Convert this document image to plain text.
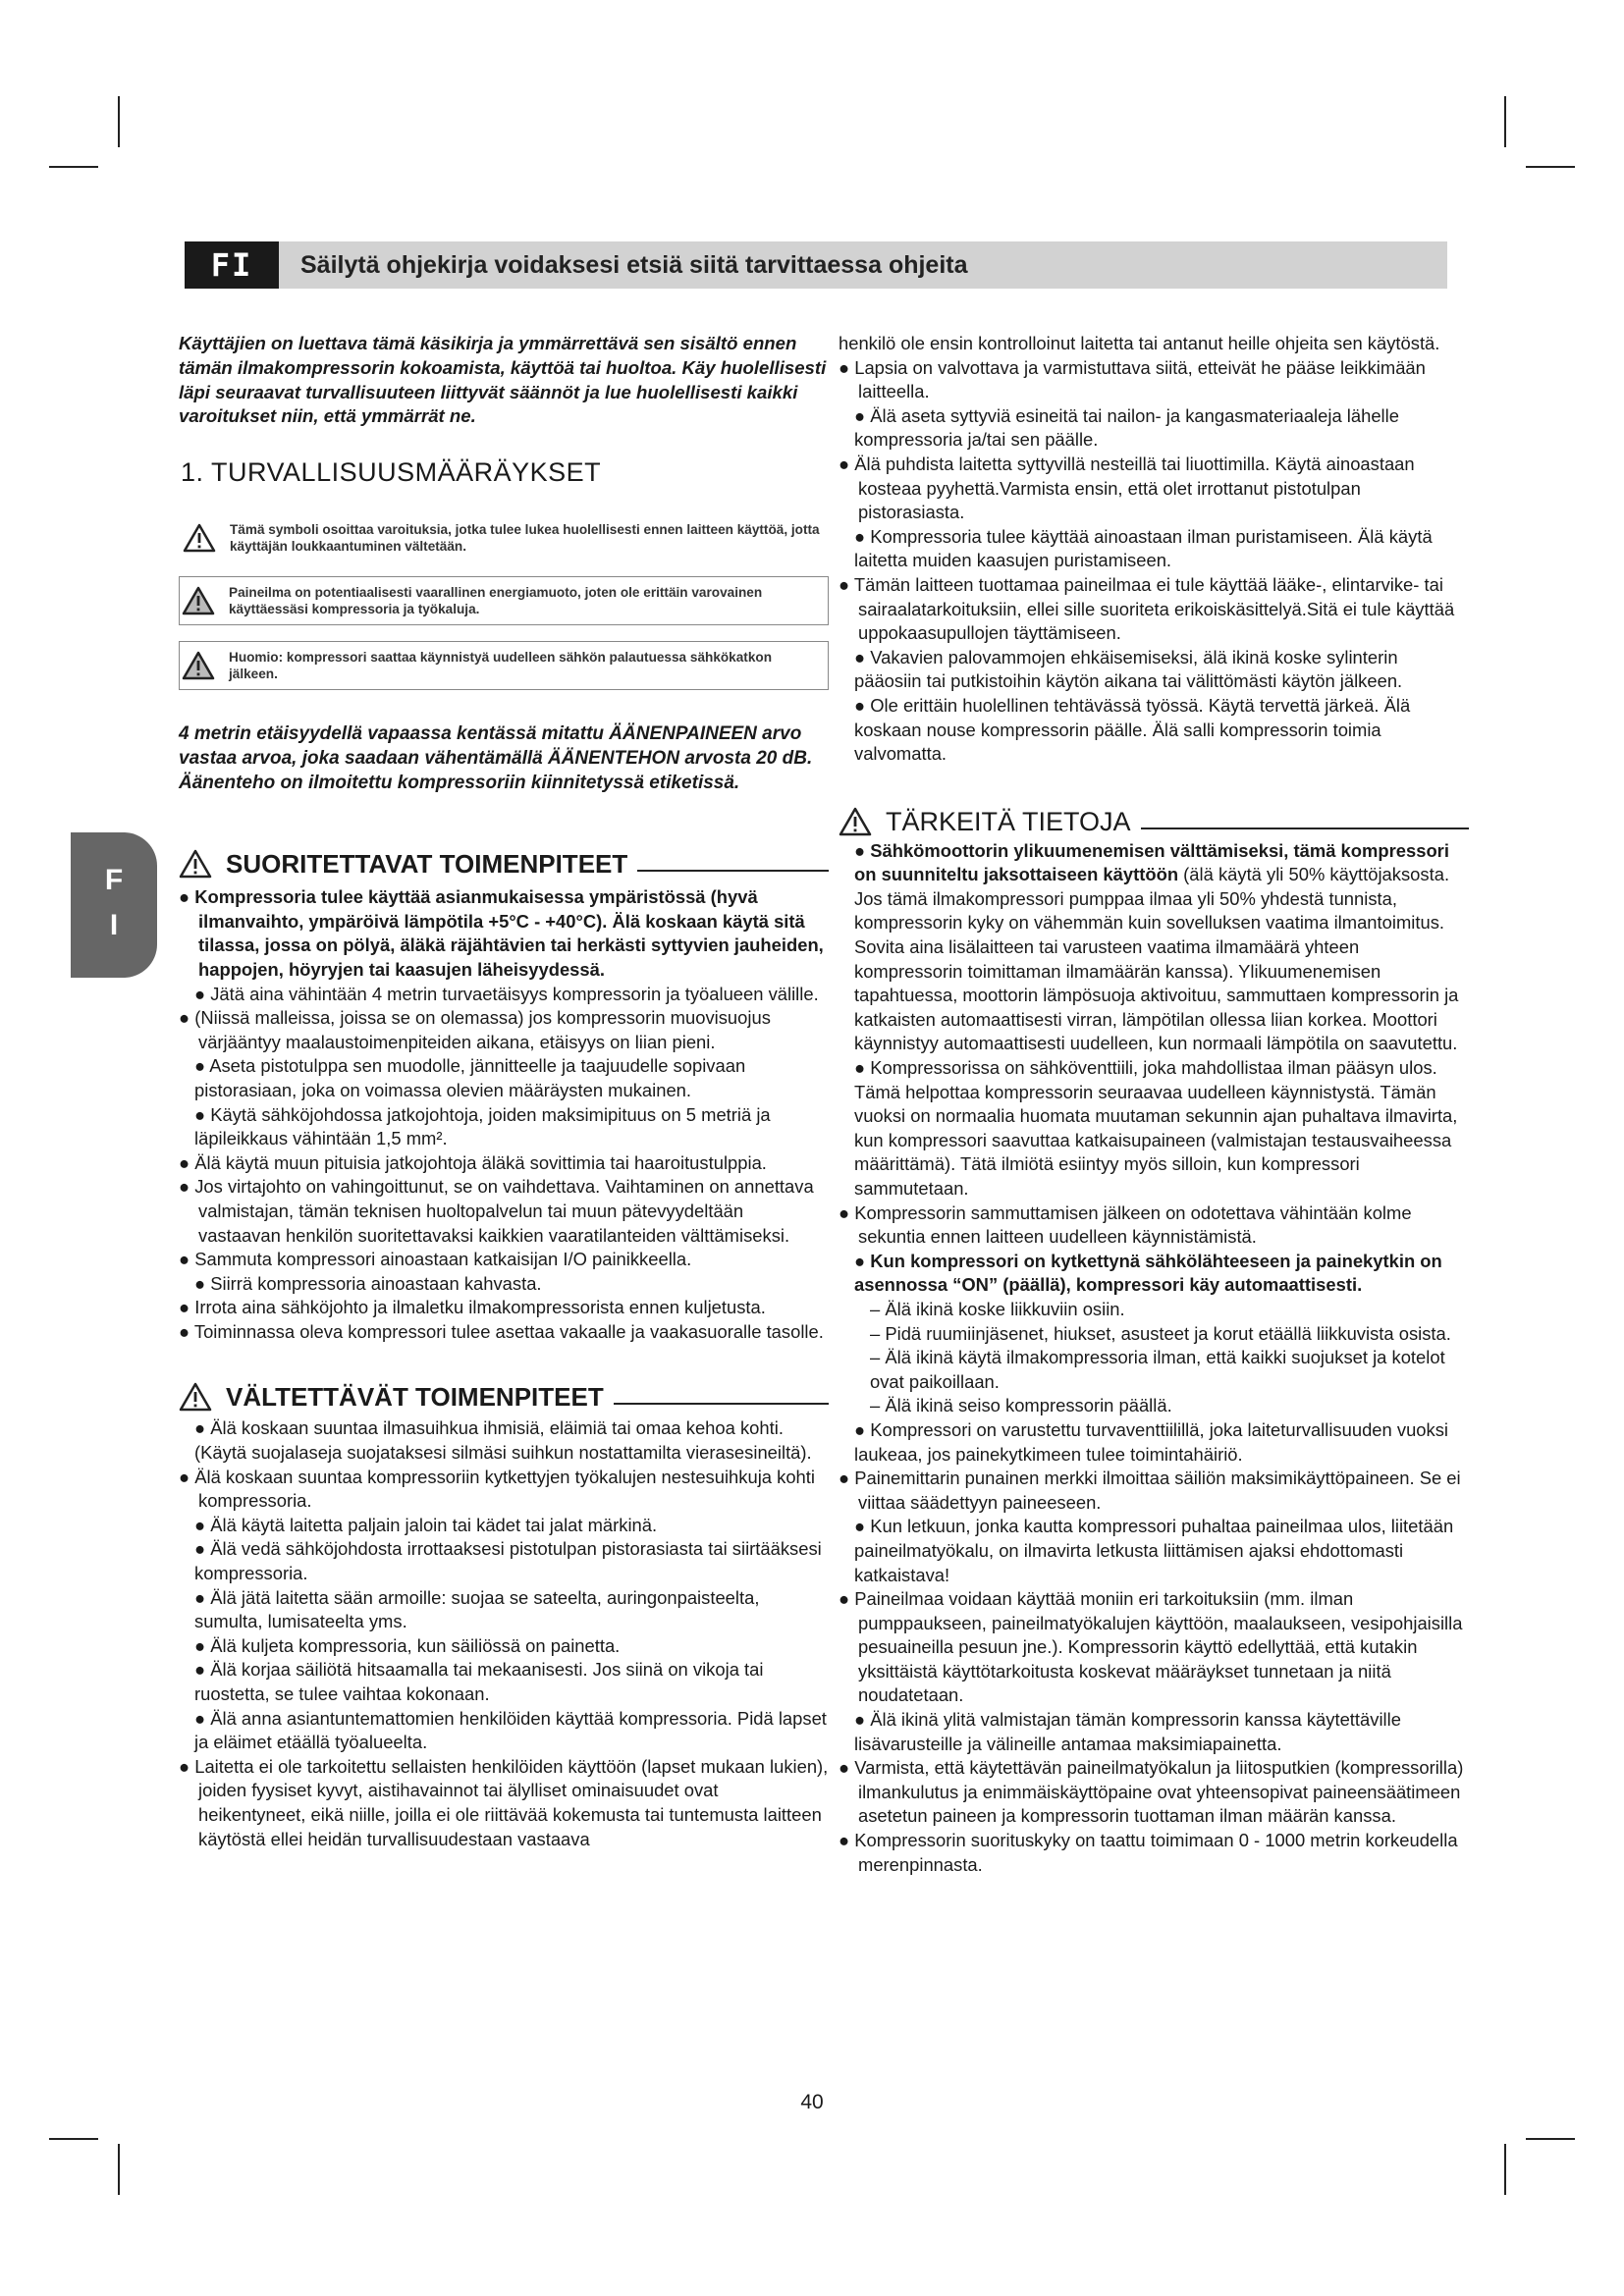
FI	Säilytä ohjekirja voidaksesi etsiä siitä tarvittaessa ohjeita
F
I

Käyttäjien on luettava tämä käsikirja ja ymmärrettävä sen sisältö ennen tämän ilmakompressorin kokoamista, käyttöä tai huoltoa. Käy huolellisesti läpi seuraavat turvallisuuteen liittyvät säännöt ja lue huolellisesti kaikki varoitukset niin, että ymmärrät ne.

1. TURVALLISUUSMÄÄRÄYKSET
Tämä symboli osoittaa varoituksia, jotka tulee lukea huolellisesti ennen laitteen käyttöä, jotta käyttäjän loukkaantuminen vältetään.
Paineilma on potentiaalisesti vaarallinen energiamuoto, joten ole erittäin varovainen käyttäessäsi kompressoria ja työkaluja.
Huomio: kompressori saattaa käynnistyä uudelleen sähkön palautuessa sähkökatkon jälkeen.

4 metrin etäisyydellä vapaassa kentässä mitattu ÄÄNENPAINEEN arvo vastaa arvoa, joka saadaan vähentämällä ÄÄNENTEHON arvosta 20 dB. Äänenteho on ilmoitettu kompressoriin kiinnitetyssä etiketissä.

SUORITETTAVAT TOIMENPITEET

● Kompressoria tulee käyttää asianmukaisessa ympäristössä (hyvä ilmanvaihto, ympäröivä lämpötila +5°C - +40°C). Älä koskaan käytä sitä tilassa, jossa on pölyä, äläkä räjähtävien tai herkästi syttyvien jauheiden, happojen, höyryjen tai kaasujen läheisyydessä.

● Jätä aina vähintään 4 metrin turvaetäisyys kompressorin ja työalueen välille.

● (Niissä malleissa, joissa se on olemassa) jos kompressorin muovisuojus värjääntyy maalaustoimenpiteiden aikana, etäisyys on liian pieni.

● Aseta pistotulppa sen muodolle, jännitteelle ja taajuudelle sopivaan pistorasiaan, joka on voimassa olevien määräysten mukainen.

● Käytä sähköjohdossa jatkojohtoja, joiden maksimipituus on 5 metriä ja läpileikkaus vähintään 1,5 mm².

● Älä käytä muun pituisia jatkojohtoja äläkä sovittimia tai haaroitustulppia.

● Jos virtajohto on vahingoittunut, se on vaihdettava. Vaihtaminen on annettava valmistajan, tämän teknisen huoltopalvelun tai muun pätevyydeltään vastaavan henkilön suoritettavaksi kaikkien vaaratilanteiden välttämiseksi.

● Sammuta kompressori ainoastaan katkaisijan I/O painikkeella.

● Siirrä kompressoria ainoastaan kahvasta.

● Irrota aina sähköjohto ja ilmaletku ilmakompressorista ennen kuljetusta.

● Toiminnassa oleva kompressori tulee asettaa vakaalle ja vaakasuoralle tasolle.

VÄLTETTÄVÄT TOIMENPITEET

● Älä koskaan suuntaa ilmasuihkua ihmisiä, eläimiä tai omaa kehoa kohti. (Käytä suojalaseja suojataksesi silmäsi suihkun nostattamilta vierasesineiltä).

● Älä koskaan suuntaa kompressoriin kytkettyjen työkalujen nestesuihkuja kohti kompressoria.

● Älä käytä laitetta paljain jaloin tai kädet tai jalat märkinä.

● Älä vedä sähköjohdosta irrottaaksesi pistotulpan pistorasiasta tai siirtääksesi kompressoria.

● Älä jätä laitetta sään armoille: suojaa se sateelta, auringonpaisteelta, sumulta, lumisateelta yms.

● Älä kuljeta kompressoria, kun säiliössä on painetta.

● Älä korjaa säiliötä hitsaamalla tai mekaanisesti. Jos siinä on vikoja tai ruostetta, se tulee vaihtaa kokonaan.

● Älä anna asiantuntemattomien henkilöiden käyttää kompressoria. Pidä lapset ja eläimet etäällä työalueelta.

● Laitetta ei ole tarkoitettu sellaisten henkilöiden käyttöön (lapset mukaan lukien), joiden fyysiset kyvyt, aistihavainnot tai älylliset ominaisuudet ovat heikentyneet, eikä niille, joilla ei ole riittävää kokemusta tai tuntemusta laitteen käytöstä ellei heidän turvallisuudestaan vastaava

henkilö ole ensin kontrolloinut laitetta tai antanut heille ohjeita sen käytöstä.

● Lapsia on valvottava ja varmistuttava siitä, etteivät he pääse leikkimään laitteella.

● Älä aseta syttyviä esineitä tai nailon- ja kangasmateriaaleja lähelle kompressoria ja/tai sen päälle.

● Älä puhdista laitetta syttyvillä nesteillä tai liuottimilla. Käytä ainoastaan kosteaa pyyhettä.Varmista ensin, että olet irrottanut pistotulpan pistorasiasta.

● Kompressoria tulee käyttää ainoastaan ilman puristamiseen. Älä käytä laitetta muiden kaasujen puristamiseen.

● Tämän laitteen tuottamaa paineilmaa ei tule käyttää lääke-, elintarvike- tai sairaalatarkoituksiin, ellei sille suoriteta erikoiskäsittelyä.Sitä ei tule käyttää uppokaasupullojen täyttämiseen.

● Vakavien palovammojen ehkäisemiseksi, älä ikinä koske sylinterin pääosiin tai putkistoihin käytön aikana tai välittömästi käytön jälkeen.

● Ole erittäin huolellinen tehtävässä työssä. Käytä tervettä järkeä. Älä koskaan nouse kompressorin päälle. Älä salli kompressorin toimia valvomatta.

TÄRKEITÄ TIETOJA

● Sähkömoottorin ylikuumenemisen välttämiseksi, tämä kompressori on suunniteltu jaksottaiseen käyttöön (älä käytä yli 50% käyttöjaksosta. Jos tämä ilmakompressori pumppaa ilmaa yli 50% yhdestä tunnista, kompressorin kyky on vähemmän kuin sovelluksen vaatima ilmantoimitus. Sovita aina lisälaitteen tai varusteen vaatima ilmamäärä yhteen kompressorin toimittaman ilmamäärän kanssa). Ylikuumenemisen tapahtuessa, moottorin lämpösuoja aktivoituu, sammuttaen kompressorin ja katkaisten automaattisesti virran, lämpötilan ollessa liian korkea. Moottori käynnistyy automaattisesti uudelleen, kun normaali lämpötila on saavutettu.

● Kompressorissa on sähköventtiili, joka mahdollistaa ilman pääsyn ulos. Tämä helpottaa kompressorin seuraavaa uudelleen käynnistystä. Tämän vuoksi on normaalia huomata muutaman sekunnin ajan puhaltava ilmavirta, kun kompressori saavuttaa katkaisupaineen (valmistajan testausvaiheessa määrittämä). Tätä ilmiötä esiintyy myös silloin, kun kompressori sammutetaan.

● Kompressorin sammuttamisen jälkeen on odotettava vähintään kolme sekuntia ennen laitteen uudelleen käynnistämistä.

● Kun kompressori on kytkettynä sähkölähteeseen ja painekytkin on asennossa “ON” (päällä), kompressori käy automaattisesti.

– Älä ikinä koske liikkuviin osiin.

– Pidä ruumiinjäsenet, hiukset, asusteet ja korut etäällä liikkuvista osista.

– Älä ikinä käytä ilmakompressoria ilman, että kaikki suojukset ja kotelot ovat paikoillaan.

– Älä ikinä seiso kompressorin päällä.

● Kompressori on varustettu turvaventtiilillä, joka laiteturvallisuuden vuoksi laukeaa, jos painekytkimeen tulee toimintahäiriö.

● Painemittarin punainen merkki ilmoittaa säiliön maksimikäyttöpaineen. Se ei viittaa säädettyyn paineeseen.

● Kun letkuun, jonka kautta kompressori puhaltaa paineilmaa ulos, liitetään paineilmatyökalu, on ilmavirta letkusta liittämisen ajaksi ehdottomasti katkaistava!

● Paineilmaa voidaan käyttää moniin eri tarkoituksiin (mm. ilman pumppaukseen, paineilmatyökalujen käyttöön, maalaukseen, vesipohjaisilla pesuaineilla pesuun jne.). Kompressorin käyttö edellyttää, että kutakin yksittäistä käyttötarkoitusta koskevat määräykset tunnetaan ja niitä noudatetaan.

● Älä ikinä ylitä valmistajan tämän kompressorin kanssa käytettäville lisävarusteille ja välineille antamaa maksimiapainetta.

● Varmista, että käytettävän paineilmatyökalun ja liitosputkien (kompressorilla) ilmankulutus ja enimmäiskäyttöpaine ovat yhteensopivat paineensäätimeen asetetun paineen ja kompressorin tuottaman ilman määrän kanssa.

● Kompressorin suorituskyky on taattu toimimaan 0 - 1000 metrin korkeudella merenpinnasta.

40
